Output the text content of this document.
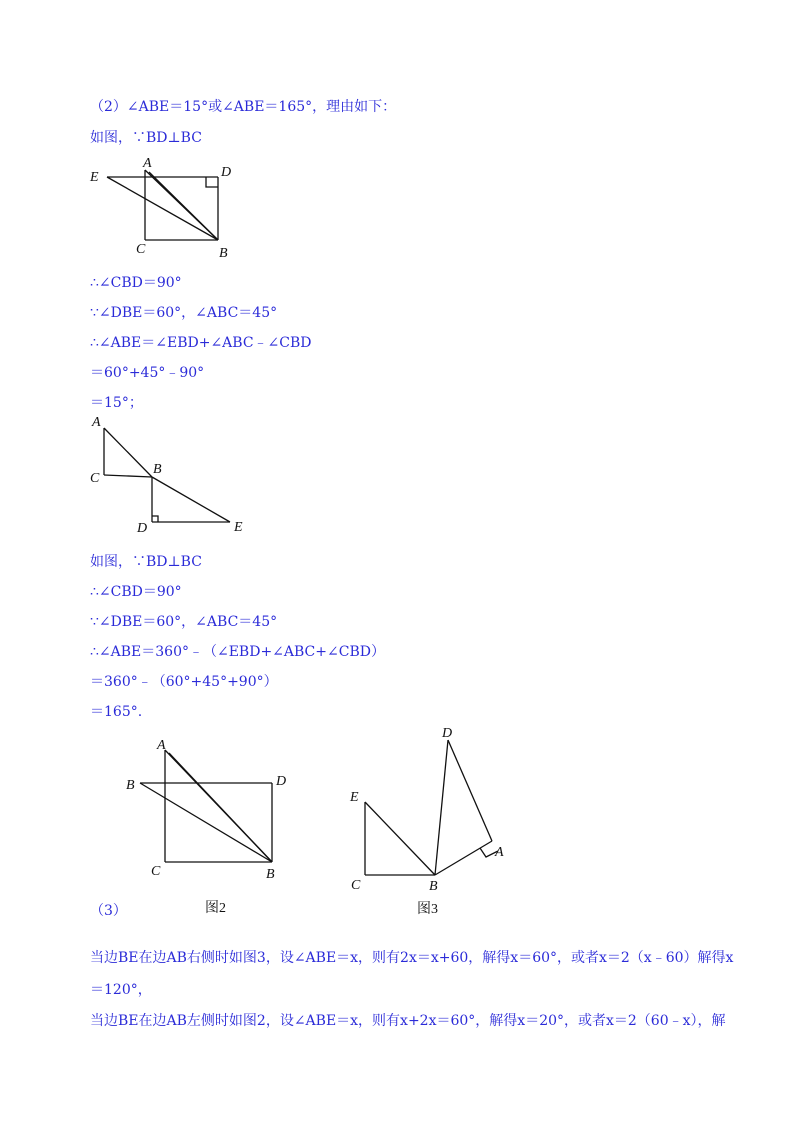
（2）∠ABE＝15°或∠ABE＝165°，理由如下：
如图，∵BD⊥BC
E
A
D
C	B
∴∠CBD＝90°
∵∠DBE＝60°，∠ABC＝45°
∴∠ABE＝∠EBD+∠ABC﹣∠CBD
＝60°+45°﹣90°
＝15°；
A
C
B
D	E
如图，∵BD⊥BC
∴∠CBD＝90°
∵∠DBE＝60°，∠ABC＝45°
∴∠ABE＝360°﹣（∠EBD+∠ABC+∠CBD）
＝360°﹣（60°+45°+90°）
＝165°.
A
B	D
C	B
图2
D
E
A
C	B
图3
（3）
当边BE在边AB右侧时如图3，设∠ABE＝x，则有2x＝x+60，解得x＝60°，或者x＝2（x﹣60）解得x
＝120°，
当边BE在边AB左侧时如图2，设∠ABE＝x，则有x+2x＝60°，解得x＝20°，或者x＝2（60﹣x），解
